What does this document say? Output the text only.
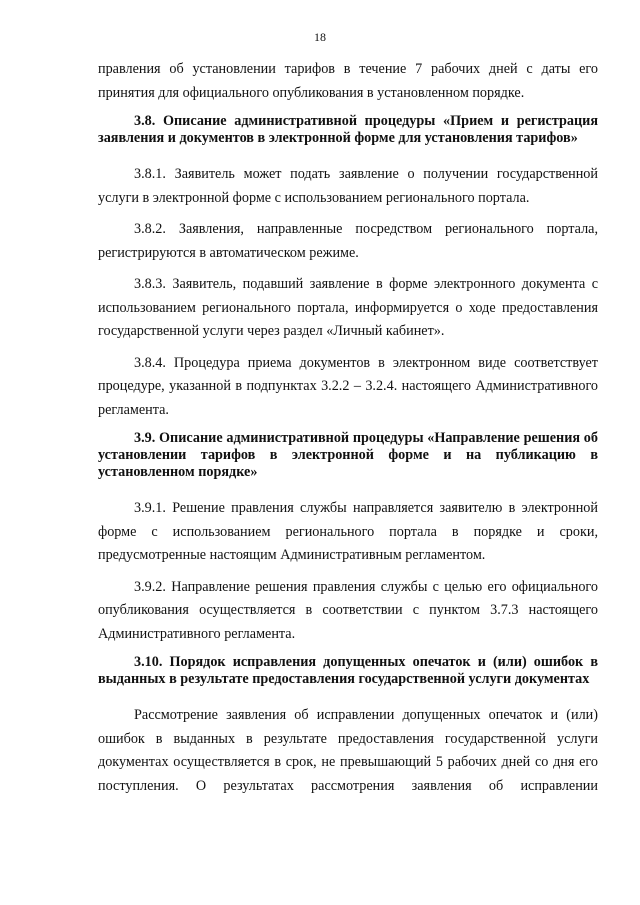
18

правления об установлении тарифов в течение 7 рабочих дней с даты его принятия для официального опубликования в установленном порядке.

3.8. Описание административной процедуры «Прием и регистрация заявления и документов в электронной форме для установления тарифов»

3.8.1. Заявитель может подать заявление о получении государственной услуги в электронной форме с использованием регионального портала.

3.8.2. Заявления, направленные посредством регионального портала, регистрируются в автоматическом режиме.

3.8.3. Заявитель, подавший заявление в форме электронного документа с использованием регионального портала, информируется о ходе предоставления государственной услуги через раздел «Личный кабинет».

3.8.4. Процедура приема документов в электронном виде соответствует процедуре, указанной в подпунктах 3.2.2 – 3.2.4. настоящего Административного регламента.

3.9. Описание административной процедуры «Направление решения об установлении тарифов в электронной форме и на публикацию в установленном порядке»

3.9.1. Решение правления службы направляется заявителю в электронной форме с использованием регионального портала в порядке и сроки, предусмотренные настоящим Административным регламентом.

3.9.2. Направление решения правления службы с целью его официального опубликования осуществляется в соответствии с пунктом 3.7.3 настоящего Административного регламента.

3.10. Порядок исправления допущенных опечаток и (или) ошибок в выданных в результате предоставления государственной услуги документах

Рассмотрение заявления об исправлении допущенных опечаток и (или) ошибок в выданных в результате предоставления государственной услуги документах осуществляется в срок, не превышающий 5 рабочих дней со дня его поступления. О результатах рассмотрения заявления об исправлении
